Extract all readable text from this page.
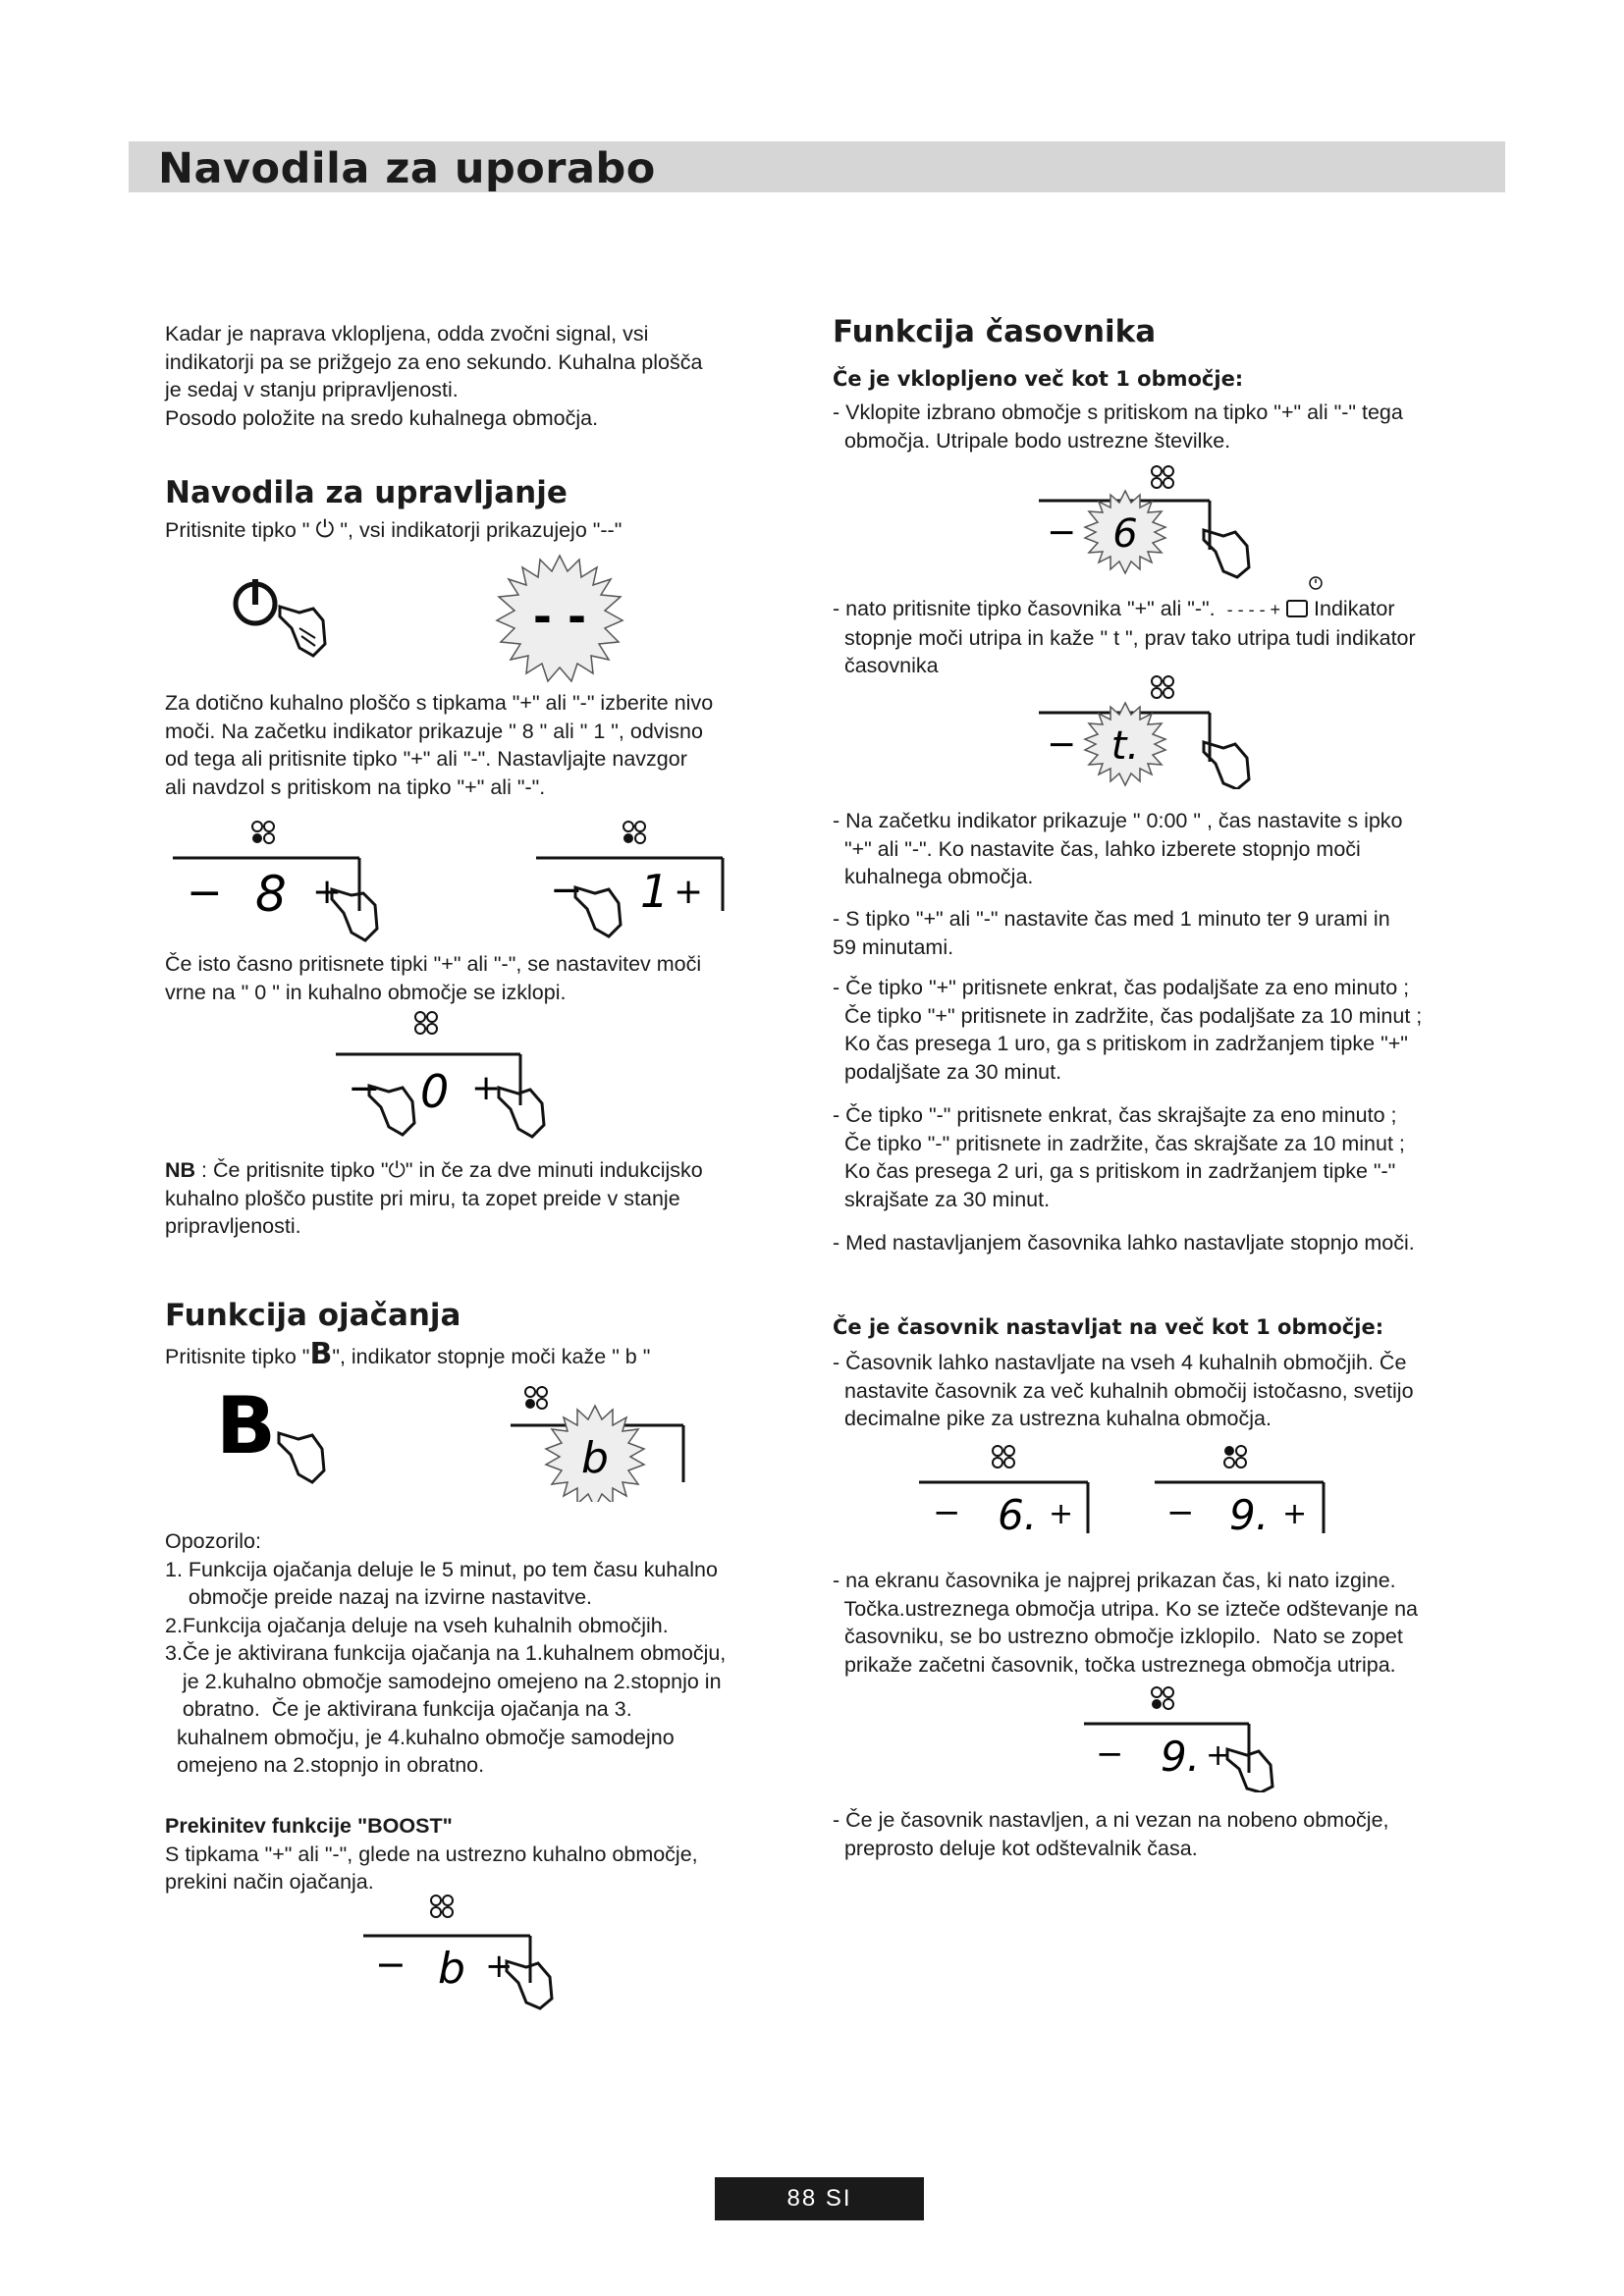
Navodila za uporabo

Kadar je naprava vklopljena, odda zvočni signal, vsi

indikatorji pa se prižgejo za eno sekundo. Kuhalna plošča

je sedaj v stanju pripravljenosti.

Posodo položite na sredo kuhalnega območja.

Navodila za upravljanje
Pritisnite tipko " ⏻ ", vsi indikatorji prikazujejo "--"
- -

Za dotično kuhalno ploščo s tipkama "+" ali "-" izberite nivo

moči. Na začetku indikator prikazuje " 8 " ali " 1 ", odvisno

od tega ali pritisnite tipko "+" ali "-". Nastavljajte navzgor

ali navdzol s pritiskom na tipko "+" ali "-".

− 8 +	− 1 +

Če isto časno pritisnete tipki "+" ali "-", se nastavitev moči

vrne na " 0 " in kuhalno območje se izklopi.

− 0 +

NB : Če pritisnite tipko "⏻" in če za dve minuti indukcijsko

kuhalno ploščo pustite pri miru, ta zopet preide v stanje

pripravljenosti.

Funkcija ojačanja
Pritisnite tipko "B", indikator stopnje moči kaže " b "
B	b

Opozorilo:

1. Funkcija ojačanja deluje le 5 minut, po tem času kuhalno

območje preide nazaj na izvirne nastavitve.

2.Funkcija ojačanja deluje na vseh kuhalnih območjih.

3.Če je aktivirana funkcija ojačanja na 1.kuhalnem območju,

je 2.kuhalno območje samodejno omejeno na 2.stopnjo in

obratno.  Če je aktivirana funkcija ojačanja na 3.

kuhalnem območju, je 4.kuhalno območje samodejno

omejeno na 2.stopnjo in obratno.

Prekinitev funkcije "BOOST"

S tipkama "+" ali "-", glede na ustrezno kuhalno območje,

prekini način ojačanja.

− b +
Funkcija časovnika
Če je vklopljeno več kot 1 območje:

- Vklopite izbrano območje s pritiskom na tipko "+" ali "-" tega

območja. Utripale bodo ustrezne številke.

− 6

- nato pritisnite tipko časovnika "+" ali "-". - - - - + Indikator

stopnje moči utripa in kaže " t ", prav tako utripa tudi indikator

časovnika

− t.

- Na začetku indikator prikazuje " 0:00 " , čas nastavite s ipko

"+" ali "-". Ko nastavite čas, lahko izberete stopnjo moči

kuhalnega območja.

- S tipko "+" ali "-" nastavite čas med 1 minuto ter 9 urami in

59 minutami.

- Če tipko "+" pritisnete enkrat, čas podaljšate za eno minuto ;

Če tipko "+" pritisnete in zadržite, čas podaljšate za 10 minut ;

Ko čas presega 1 uro, ga s pritiskom in zadržanjem tipke "+"

podaljšate za 30 minut.

- Če tipko "-" pritisnete enkrat, čas skrajšajte za eno minuto ;

Če tipko "-" pritisnete in zadržite, čas skrajšate za 10 minut ;

Ko čas presega 2 uri, ga s pritiskom in zadržanjem tipke "-"

skrajšate za 30 minut.

- Med nastavljanjem časovnika lahko nastavljate stopnjo moči.

Če je časovnik nastavljat na več kot 1 območje:

- Časovnik lahko nastavljate na vseh 4 kuhalnih območjih. Če

nastavite časovnik za več kuhalnih območij istočasno, svetijo

decimalne pike za ustrezna kuhalna območja.

− 6. +	− 9. +

- na ekranu časovnika je najprej prikazan čas, ki nato izgine.

Točka.ustreznega območja utripa. Ko se izteče odštevanje na

časovniku, se bo ustrezno območje izklopilo.  Nato se zopet

prikaže začetni časovnik, točka ustreznega območja utripa.

− 9. +

- Če je časovnik nastavljen, a ni vezan na nobeno območje,

preprosto deluje kot odštevalnik časa.

88 SI
